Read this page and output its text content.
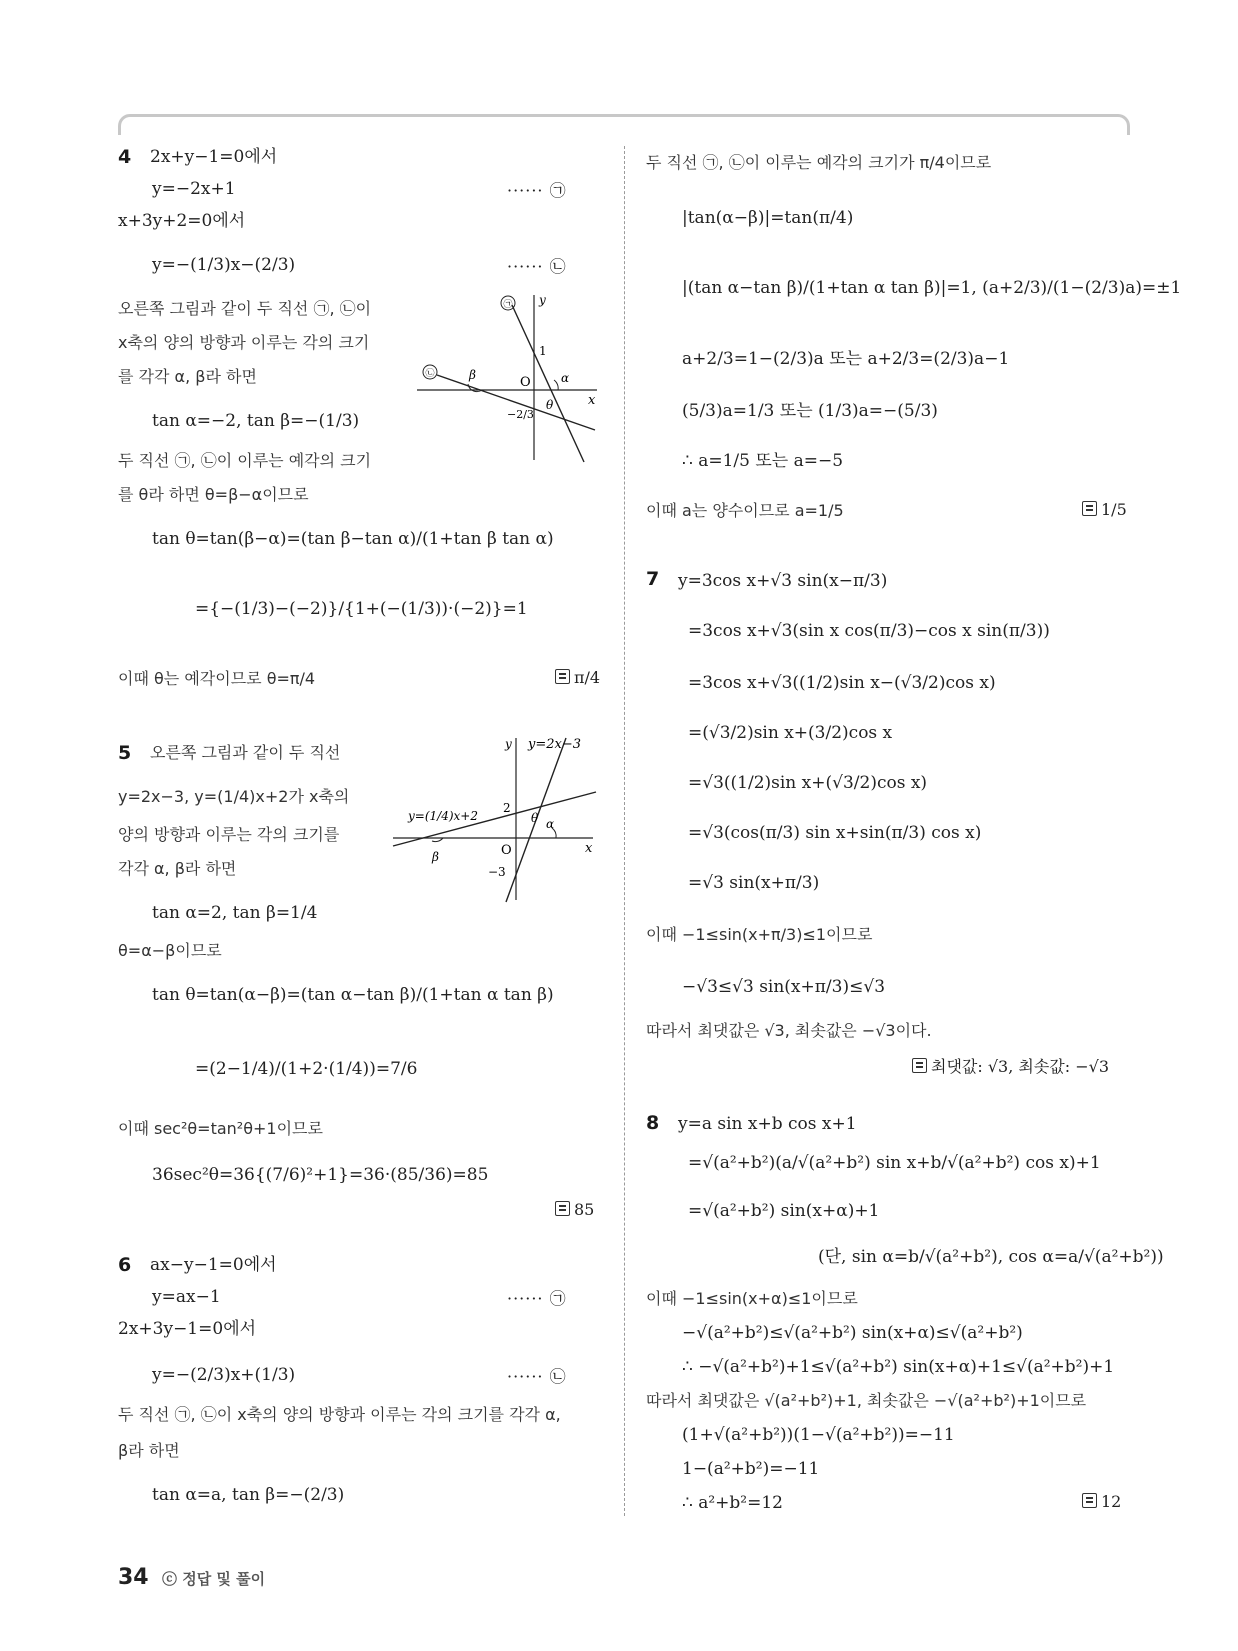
4 2x+y−1=0에서
y=−2x+1	······ ㉠
x+3y+2=0에서
y=−(1/3)x−(2/3)	······ ㉡
오른쪽 그림과 같이 두 직선 ㉠, ㉡이
x축의 양의 방향과 이루는 각의 크기
를 각각 α, β라 하면
tan α=−2, tan β=−(1/3)
두 직선 ㉠, ㉡이 이루는 예각의 크기
를 θ라 하면 θ=β−α이므로
tan θ=tan(β−α)=(tan β−tan α)/(1+tan β tan α)
={−(1/3)−(−2)}/{1+(−(1/3))·(−2)}=1
이때 θ는 예각이므로 θ=π/4	π/4
㉠
㉡
y
x
O
1
−2/3
α
β
θ
5 오른쪽 그림과 같이 두 직선
y=2x−3, y=(1/4)x+2가 x축의
양의 방향과 이루는 각의 크기를
각각 α, β라 하면
tan α=2, tan β=1/4
θ=α−β이므로
tan θ=tan(α−β)=(tan α−tan β)/(1+tan α tan β)
=(2−1/4)/(1+2·(1/4))=7/6
이때 sec²θ=tan²θ+1이므로
36sec²θ=36{(7/6)²+1}=36·(85/36)=85
85
y y=2x−3
y=(1/4)x+2
x
O
2
−3
α
β
θ
6 ax−y−1=0에서
y=ax−1	······ ㉠
2x+3y−1=0에서
y=−(2/3)x+(1/3)	······ ㉡
두 직선 ㉠, ㉡이 x축의 양의 방향과 이루는 각의 크기를 각각 α,
β라 하면
tan α=a, tan β=−(2/3)
두 직선 ㉠, ㉡이 이루는 예각의 크기가 π/4이므로
|tan(α−β)|=tan(π/4)
|(tan α−tan β)/(1+tan α tan β)|=1, (a+2/3)/(1−(2/3)a)=±1
a+2/3=1−(2/3)a 또는 a+2/3=(2/3)a−1
(5/3)a=1/3 또는 (1/3)a=−(5/3)
∴ a=1/5 또는 a=−5
이때 a는 양수이므로 a=1/5	1/5
7 y=3cos x+√3 sin(x−π/3)
=3cos x+√3(sin x cos(π/3)−cos x sin(π/3))
=3cos x+√3((1/2)sin x−(√3/2)cos x)
=(√3/2)sin x+(3/2)cos x
=√3((1/2)sin x+(√3/2)cos x)
=√3(cos(π/3) sin x+sin(π/3) cos x)
=√3 sin(x+π/3)
이때 −1≤sin(x+π/3)≤1이므로
−√3≤√3 sin(x+π/3)≤√3
따라서 최댓값은 √3, 최솟값은 −√3이다.
최댓값: √3, 최솟값: −√3
8 y=a sin x+b cos x+1
=√(a²+b²)(a/√(a²+b²) sin x+b/√(a²+b²) cos x)+1
=√(a²+b²) sin(x+α)+1
(단, sin α=b/√(a²+b²), cos α=a/√(a²+b²))
이때 −1≤sin(x+α)≤1이므로
−√(a²+b²)≤√(a²+b²) sin(x+α)≤√(a²+b²)
∴ −√(a²+b²)+1≤√(a²+b²) sin(x+α)+1≤√(a²+b²)+1
따라서 최댓값은 √(a²+b²)+1, 최솟값은 −√(a²+b²)+1이므로
(1+√(a²+b²))(1−√(a²+b²))=−11
1−(a²+b²)=−11
∴ a²+b²=12	12
34 ⓒ 정답 및 풀이
